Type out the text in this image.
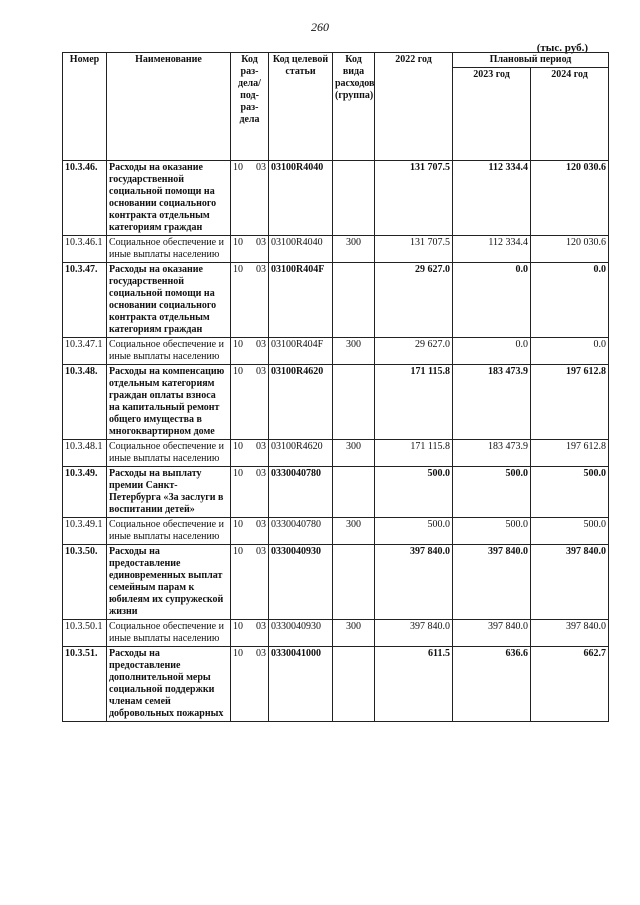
260
(тыс. руб.)
Номер	Наименование	Код раз-дела/ под-раз-дела	Код целевой статьи	Код вида расходов (группа)	2022 год	Плановый период	
						2023 год	2024 год
10.3.46.	Расходы на оказание государственной социальной помощи на основании социального контракта отдельным категориям граждан	10 03	03100R4040		131 707.5	112 334.4	120 030.6
10.3.46.1	Социальное обеспечение и иные выплаты населению	10 03	03100R4040	300	131 707.5	112 334.4	120 030.6
10.3.47.	Расходы на оказание государственной социальной помощи на основании социального контракта отдельным категориям граждан	10 03	03100R404F		29 627.0	0.0	0.0
10.3.47.1	Социальное обеспечение и иные выплаты населению	10 03	03100R404F	300	29 627.0	0.0	0.0
10.3.48.	Расходы на компенсацию отдельным категориям граждан оплаты взноса на капитальный ремонт общего имущества в многоквартирном доме	10 03	03100R4620		171 115.8	183 473.9	197 612.8
10.3.48.1	Социальное обеспечение и иные выплаты населению	10 03	03100R4620	300	171 115.8	183 473.9	197 612.8
10.3.49.	Расходы на выплату премии Санкт-Петербурга «За заслуги в воспитании детей»	10 03	0330040780		500.0	500.0	500.0
10.3.49.1	Социальное обеспечение и иные выплаты населению	10 03	0330040780	300	500.0	500.0	500.0
10.3.50.	Расходы на предоставление единовременных выплат семейным парам к юбилеям их супружеской жизни	10 03	0330040930		397 840.0	397 840.0	397 840.0
10.3.50.1	Социальное обеспечение и иные выплаты населению	10 03	0330040930	300	397 840.0	397 840.0	397 840.0
10.3.51.	Расходы на предоставление дополнительной меры социальной поддержки членам семей добровольных пожарных	10 03	0330041000		611.5	636.6	662.7
